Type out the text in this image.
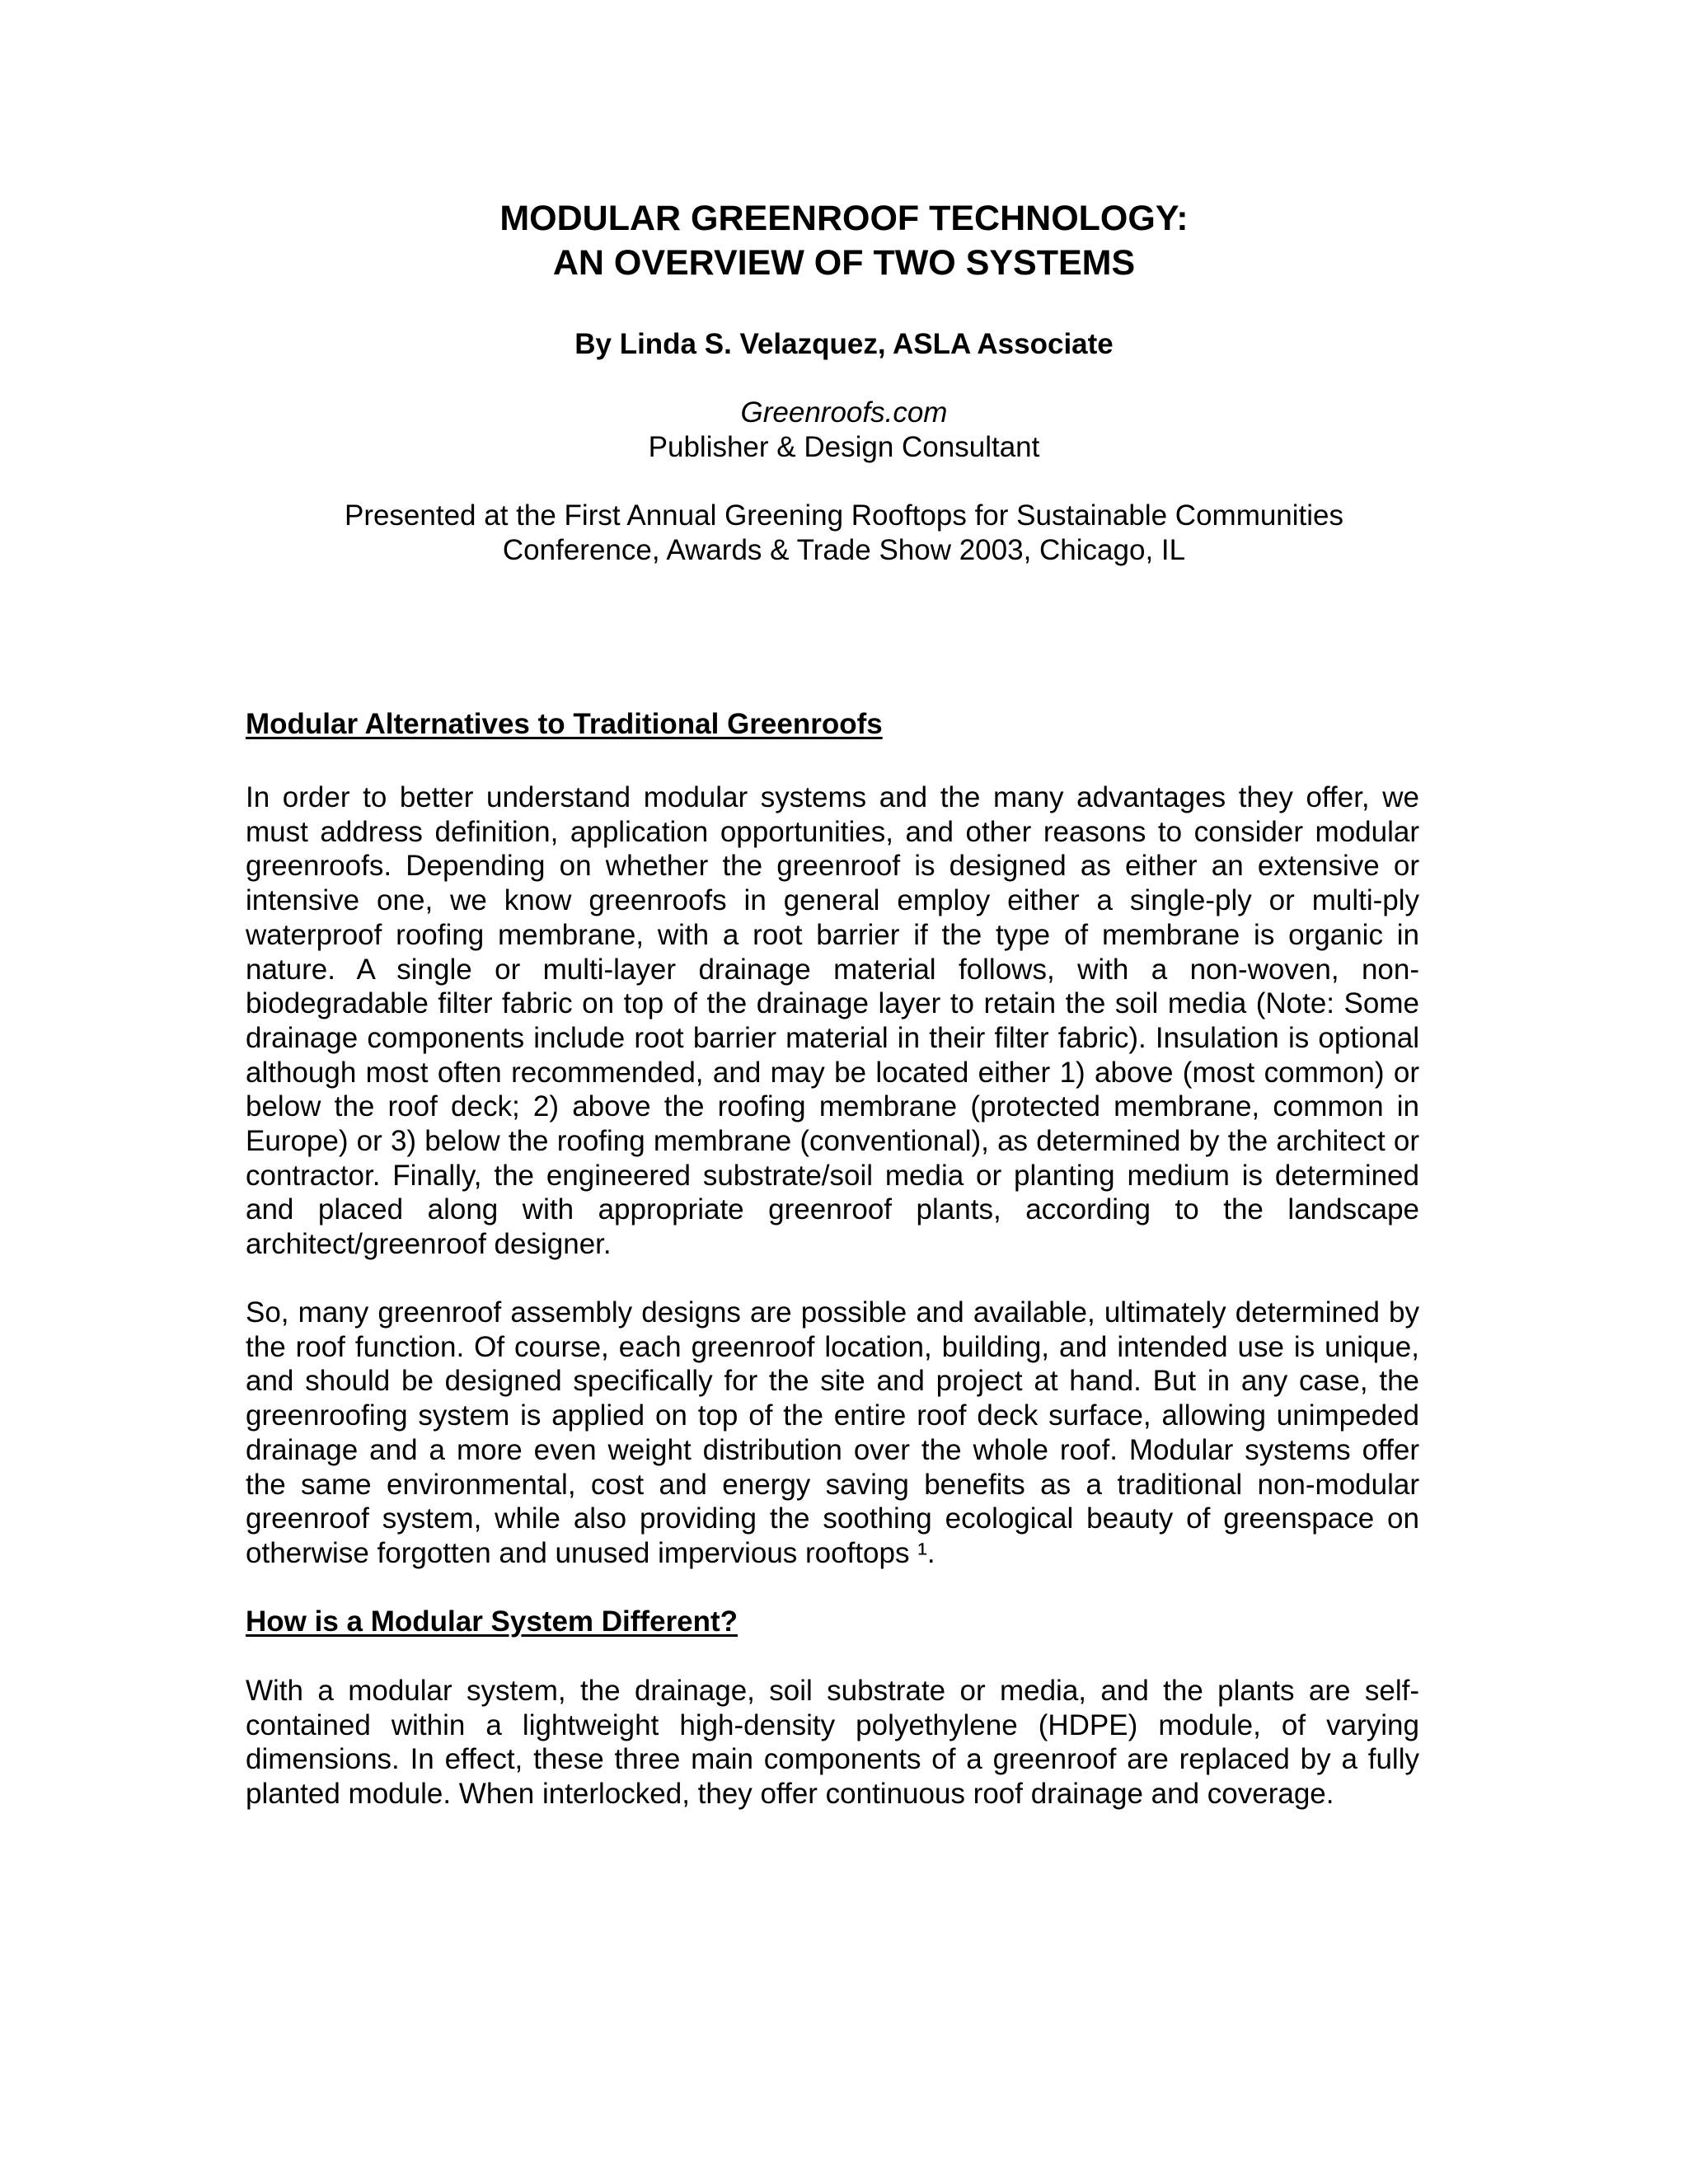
MODULAR GREENROOF TECHNOLOGY:
AN OVERVIEW OF TWO SYSTEMS
By Linda S. Velazquez, ASLA Associate
Greenroofs.com
Publisher & Design Consultant
Presented at the First Annual Greening Rooftops for Sustainable Communities
Conference, Awards & Trade Show 2003, Chicago, IL
Modular Alternatives to Traditional Greenroofs
In order to better understand modular systems and the many advantages they offer, we must address definition, application opportunities, and other reasons to consider modular greenroofs. Depending on whether the greenroof is designed as either an extensive or intensive one, we know greenroofs in general employ either a single-ply or multi-ply waterproof roofing membrane, with a root barrier if the type of membrane is organic in nature. A single or multi-layer drainage material follows, with a non-woven, non-biodegradable filter fabric on top of the drainage layer to retain the soil media (Note: Some drainage components include root barrier material in their filter fabric). Insulation is optional although most often recommended, and may be located either 1) above (most common) or below the roof deck; 2) above the roofing membrane (protected membrane, common in Europe) or 3) below the roofing membrane (conventional), as determined by the architect or contractor. Finally, the engineered substrate/soil media or planting medium is determined and placed along with appropriate greenroof plants, according to the landscape architect/greenroof designer.
So, many greenroof assembly designs are possible and available, ultimately determined by the roof function. Of course, each greenroof location, building, and intended use is unique, and should be designed specifically for the site and project at hand. But in any case, the greenroofing system is applied on top of the entire roof deck surface, allowing unimpeded drainage and a more even weight distribution over the whole roof. Modular systems offer the same environmental, cost and energy saving benefits as a traditional non-modular greenroof system, while also providing the soothing ecological beauty of greenspace on otherwise forgotten and unused impervious rooftops ¹.
How is a Modular System Different?
With a modular system, the drainage, soil substrate or media, and the plants are self-contained within a lightweight high-density polyethylene (HDPE) module, of varying dimensions. In effect, these three main components of a greenroof are replaced by a fully planted module. When interlocked, they offer continuous roof drainage and coverage.
